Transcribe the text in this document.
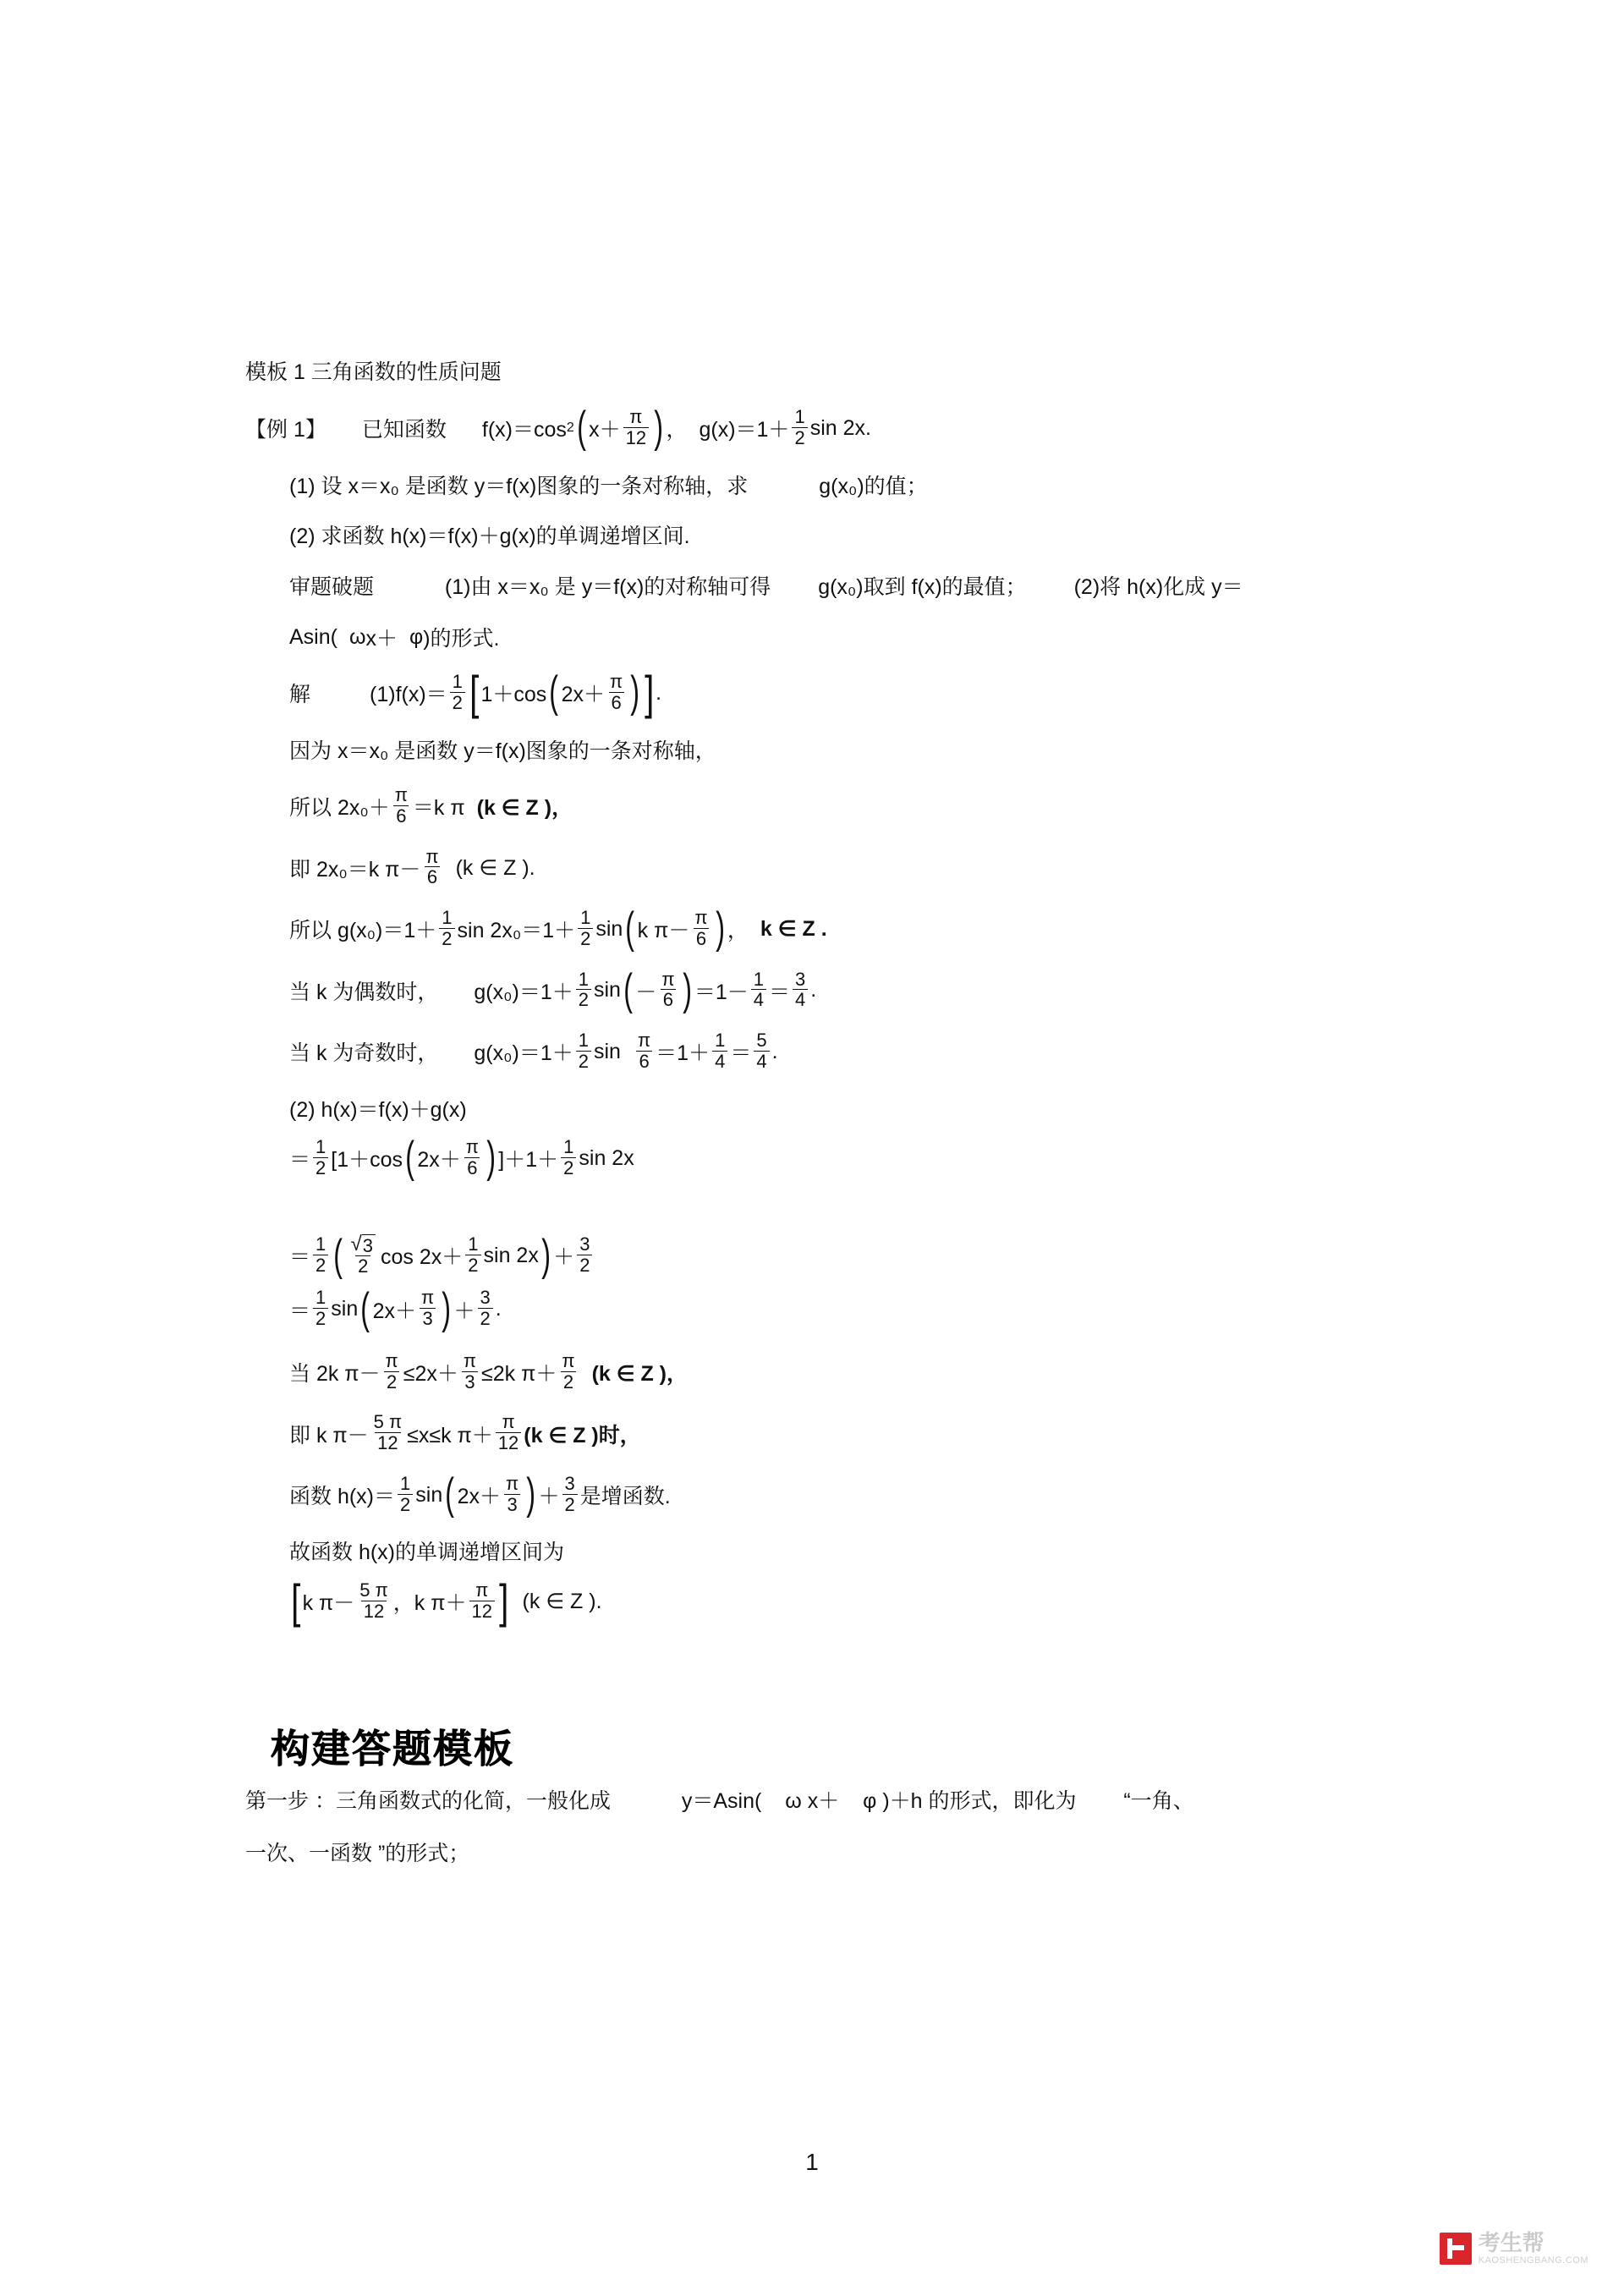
模板 1 三角函数的性质问题
【例 1】 已知函数 f(x)＝cos 2 ( $x+ \frac{\pi}{12}$ ) ， $g(x)=1+ \frac{1}{2}$ sin 2x.
(1) 设 x＝x₀ 是函数 y＝f(x)图象的一条对称轴，求	g(x₀)的值；
(2) 求函数 h(x)＝f(x)＋g(x)的单调递增区间.
审题破题	(1)由 x＝x₀ 是 y＝f(x)的对称轴可得 g(x₀)取到 f(x)的最值； (2)将 h(x)化成 y＝
Asin( ω x＋ φ )的形式.
解	$(1)f(x)= \frac{1}{2}$ [ 1＋cos ( $2x+ \frac{\pi}{6}$ ) ] .
因为 x＝x₀ 是函数 y＝f(x)图象的一条对称轴，
所以 $2x_0+ \frac{\pi}{6} =k$ π (k ∈ Z )，
即 2x₀＝k $\pi- \frac{\pi}{6} (k$ ∈ Z ).
所以 $g(x_0)=1+ \frac{1}{2}$ $\sin 2x_0=1+ \frac{1}{2}$ sin ( k $\pi- \frac{\pi}{6}$ ) ， k ∈ Z .
当 k 为偶数时， $g(x_0)=1+ \frac{1}{2}$ sin ( － $\frac{\pi}{6}$ ) $=1- \frac{1}{4} = \frac{3}{4}$ .
当 k 为奇数时， $g(x_0)=1+ \frac{1}{2}$ $\sin \frac{\pi}{6} =1+ \frac{1}{4} = \frac{5}{4}$ .
(2) h(x)＝f(x)＋g(x)
＝ $\frac{1}{2} [1+\cos$ ( $2x+ \frac{\pi}{6}$ ) ]$+1+ \frac{1}{2}$ sin 2x
＝ $\frac{1}{2}$ ( $\frac{√ 3}{2}$ $\cos 2x+ \frac{1}{2}$ sin 2x ) ＋ $\frac{3}{2}$
＝ $\frac{1}{2}$ sin ( $2x+ \frac{\pi}{3}$ ) ＋ $\frac{3}{2}$ .
当 2k $\pi- \frac{\pi}{2} \le 2x+ \frac{\pi}{3} \le 2k$ $\pi+ \frac{\pi}{2} (k$ ∈ Z )，
即 k $\pi- \frac{5 \pi}{12} \le x\le k$ $\pi+ \frac{\pi}{12} (k$ ∈ Z )时，
函数 $h(x)= \frac{1}{2}$ sin ( $2x+ \frac{\pi}{3}$ ) ＋ $\frac{3}{2}$ 是增函数.
故函数 h(x)的单调递增区间为
[ k $\pi- \frac{5 \pi}{12}$ ，k $\pi+ \frac{\pi}{12}$ ] (k ∈ Z ).
构建答题模板
第一步 ：三角函数式的化简，一般化成	y＝Asin( ω x＋ φ )＋h 的形式，即化为 “一角、
一次、一函数 ”的形式；
1
考生帮
KAOSHENGBANG.COM
